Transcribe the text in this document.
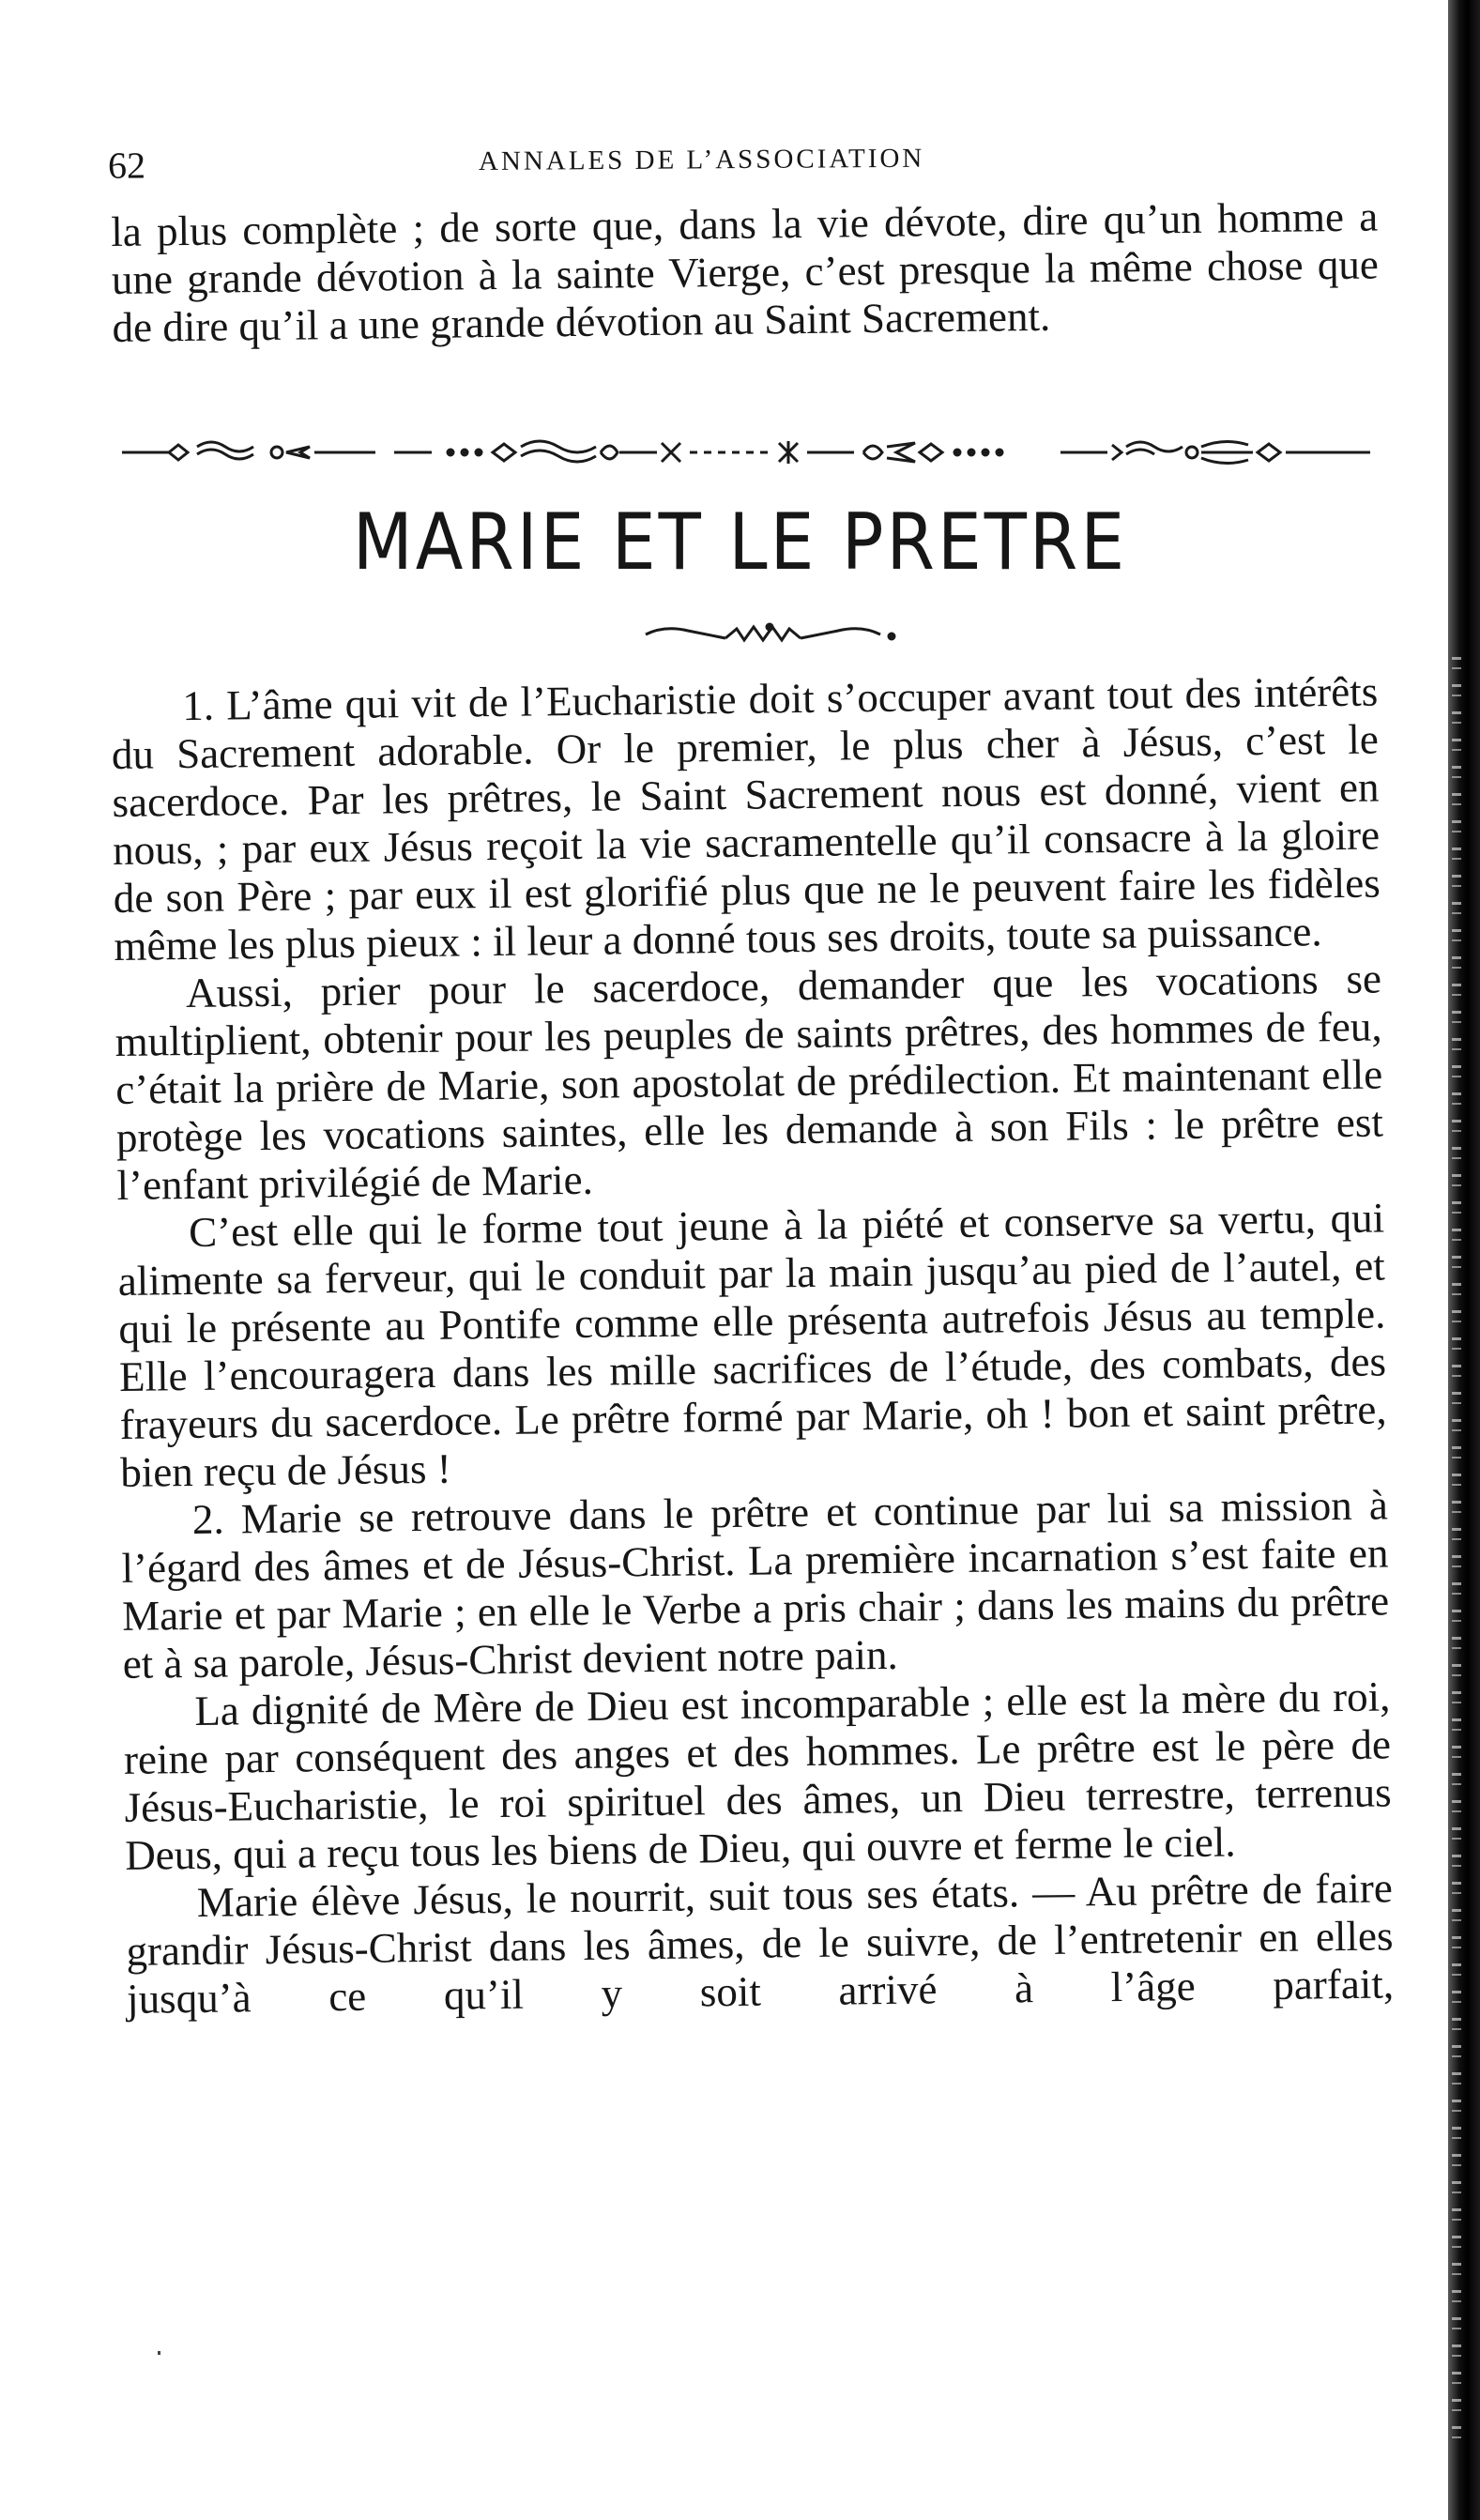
62	ANNALES DE L’ASSOCIATION

la plus complète ; de sorte que, dans la vie dévote, dire qu’un homme a une grande dévotion à la sainte Vierge, c’est presque la même chose que de dire qu’il a une grande dévotion au Saint Sacrement.

MARIE ET LE PRETRE

1. L’âme qui vit de l’Eucharistie doit s’occuper avant tout des intérêts du Sacrement adorable. Or le premier, le plus cher à Jésus, c’est le sacerdoce. Par les prêtres, le Saint Sacrement nous est donné, vient en nous, ; par eux Jésus reçoit la vie sacramentelle qu’il consacre à la gloire de son Père ; par eux il est glorifié plus que ne le peuvent faire les fidèles même les plus pieux : il leur a donné tous ses droits, toute sa puissance.

Aussi, prier pour le sacerdoce, demander que les vocations se multiplient, obtenir pour les peuples de saints prêtres, des hommes de feu, c’était la prière de Marie, son apostolat de prédilection. Et maintenant elle protège les vocations saintes, elle les demande à son Fils : le prêtre est l’enfant privilégié de Marie.

C’est elle qui le forme tout jeune à la piété et conserve sa vertu, qui alimente sa ferveur, qui le conduit par la main jusqu’au pied de l’autel, et qui le présente au Pontife comme elle présenta autrefois Jésus au temple. Elle l’encouragera dans les mille sacrifices de l’étude, des combats, des frayeurs du sacerdoce. Le prêtre formé par Marie, oh ! bon et saint prêtre, bien reçu de Jésus !

2. Marie se retrouve dans le prêtre et continue par lui sa mission à l’égard des âmes et de Jésus-Christ. La première incarnation s’est faite en Marie et par Marie ; en elle le Verbe a pris chair ; dans les mains du prêtre et à sa parole, Jésus-Christ devient notre pain.

La dignité de Mère de Dieu est incomparable ; elle est la mère du roi, reine par conséquent des anges et des hommes. Le prêtre est le père de Jésus-Eucharistie, le roi spirituel des âmes, un Dieu terrestre, terrenus Deus, qui a reçu tous les biens de Dieu, qui ouvre et ferme le ciel.

Marie élève Jésus, le nourrit, suit tous ses états. — Au prêtre de faire grandir Jésus-Christ dans les âmes, de le suivre, de l’entretenir en elles jusqu’à ce qu’il y soit arrivé à l’âge parfait,
